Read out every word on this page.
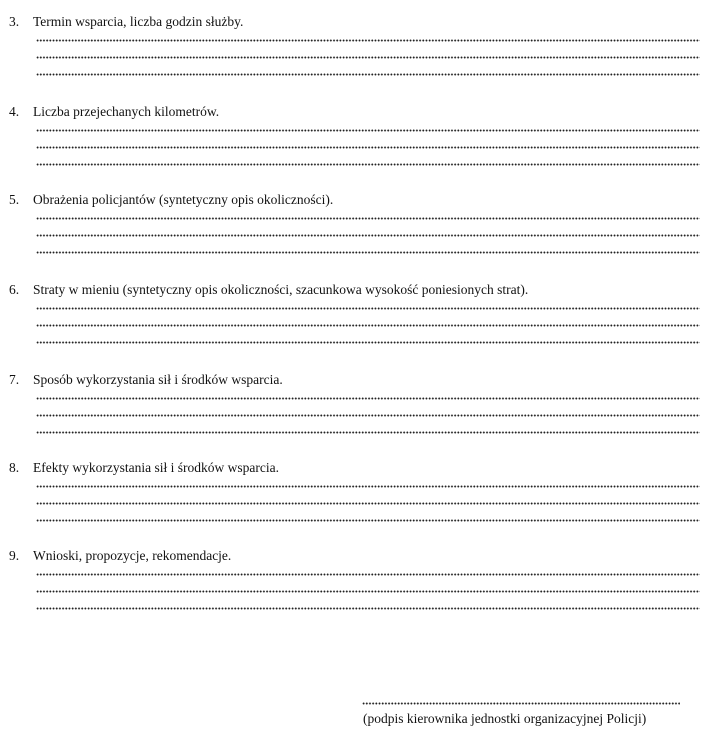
3. Termin wsparcia, liczba godzin służby.
4. Liczba przejechanych kilometrów.
5. Obrażenia policjantów (syntetyczny opis okoliczności).
6. Straty w mieniu (syntetyczny opis okoliczności, szacunkowa wysokość poniesionych strat).
7. Sposób wykorzystania sił i środków wsparcia.
8. Efekty wykorzystania sił i środków wsparcia.
9. Wnioski, propozycje, rekomendacje.
(podpis kierownika jednostki organizacyjnej Policji)
